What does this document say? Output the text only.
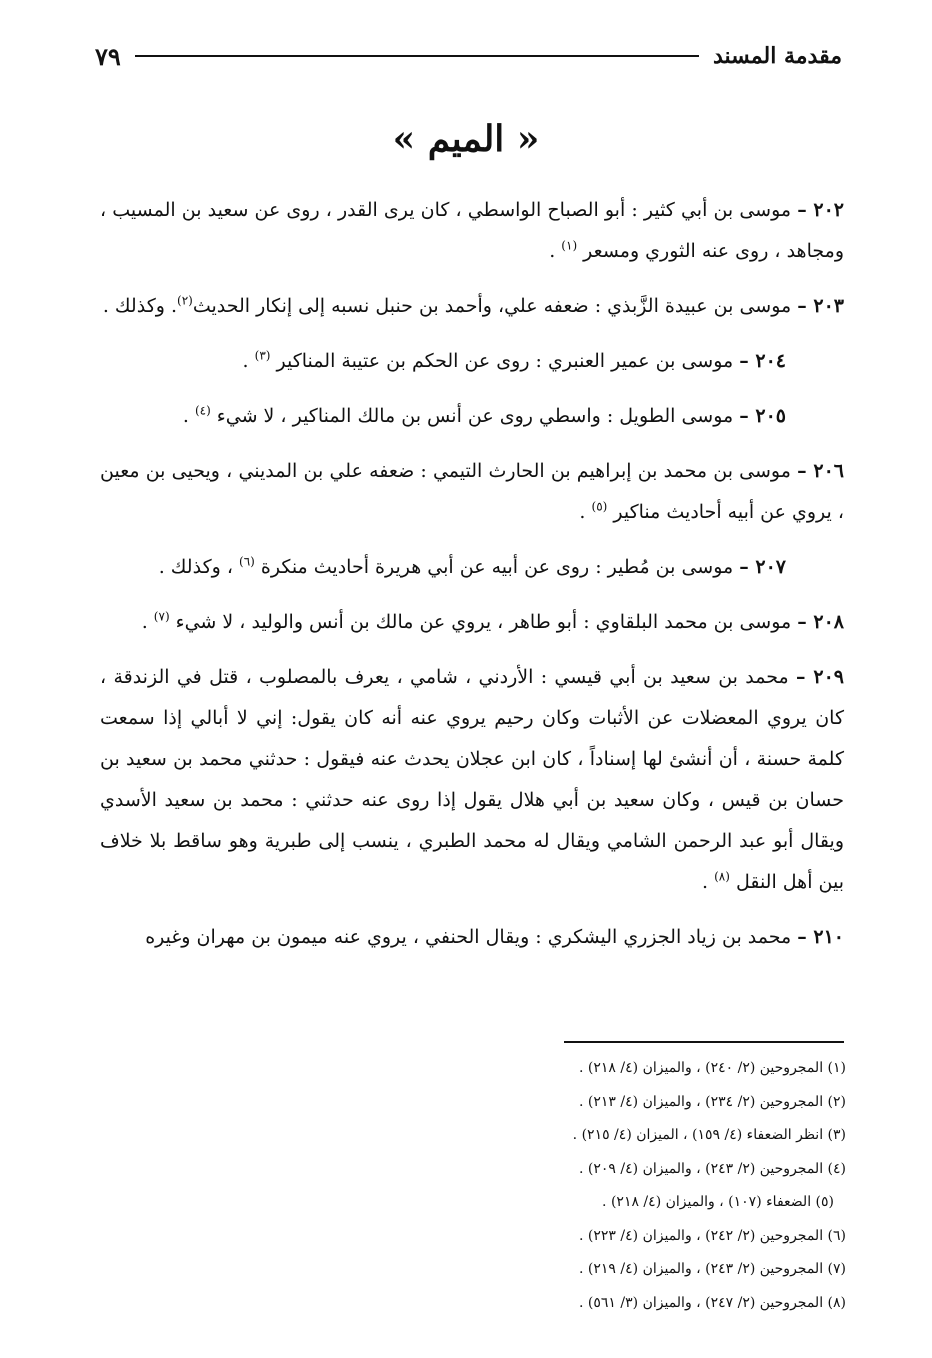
مقدمة المسند
٧٩
« الميم »

٢٠٢ – موسى بن أبي كثير : أبو الصباح الواسطي ، كان يرى القدر ، روى عن سعيد بن المسيب ، ومجاهد ، روى عنه الثوري ومسعر $^{(١)}$ .

٢٠٣ – موسى بن عبيدة الزَّبذي : ضعفه علي، وأحمد بن حنبل نسبه إلى إنكار الحديث$^{(٢)}$. وكذلك .

٢٠٤ – موسى بن عمير العنبري : روى عن الحكم بن عتيبة المناكير $^{(٣)}$ .

٢٠٥ – موسى الطويل : واسطي روى عن أنس بن مالك المناكير ، لا شيء $^{(٤)}$ .

٢٠٦ – موسى بن محمد بن إبراهيم بن الحارث التيمي : ضعفه علي بن المديني ، ويحيى بن معين ، يروي عن أبيه أحاديث مناكير $^{(٥)}$ .

٢٠٧ – موسى بن مُطير : روى عن أبيه عن أبي هريرة أحاديث منكرة $^{(٦)}$ ، وكذلك .

٢٠٨ – موسى بن محمد البلقاوي : أبو طاهر ، يروي عن مالك بن أنس والوليد ، لا شيء $^{(٧)}$ .

٢٠٩ – محمد بن سعيد بن أبي قيسي : الأردني ، شامي ، يعرف بالمصلوب ، قتل في الزندقة ، كان يروي المعضلات عن الأثبات وكان رحيم يروي عنه أنه كان يقول: إني لا أبالي إذا سمعت كلمة حسنة ، أن أنشئ لها إسناداً ، كان ابن عجلان يحدث عنه فيقول : حدثني محمد بن سعيد بن حسان بن قيس ، وكان سعيد بن أبي هلال يقول إذا روى عنه حدثني : محمد بن سعيد الأسدي ويقال أبو عبد الرحمن الشامي ويقال له محمد الطبري ، ينسب إلى طبرية وهو ساقط بلا خلاف بين أهل النقل $^{(٨)}$ .

٢١٠ – محمد بن زياد الجزري اليشكري : ويقال الحنفي ، يروي عنه ميمون بن مهران وغيره

(١) المجروحين (٢/ ٢٤٠) ، والميزان (٤/ ٢١٨) .
(٢) المجروحين (٢/ ٢٣٤) ، والميزان (٤/ ٢١٣) .
(٣) انظر الضعفاء (٤/ ١٥٩) ، الميزان (٤/ ٢١٥) .
(٤) المجروحين (٢/ ٢٤٣) ، والميزان (٤/ ٢٠٩) .
(٥) الضعفاء (١٠٧) ، والميزان (٤/ ٢١٨) .
(٦) المجروحين (٢/ ٢٤٢) ، والميزان (٤/ ٢٢٣) .
(٧) المجروحين (٢/ ٢٤٣) ، والميزان (٤/ ٢١٩) .
(٨) المجروحين (٢/ ٢٤٧) ، والميزان (٣/ ٥٦١) .
